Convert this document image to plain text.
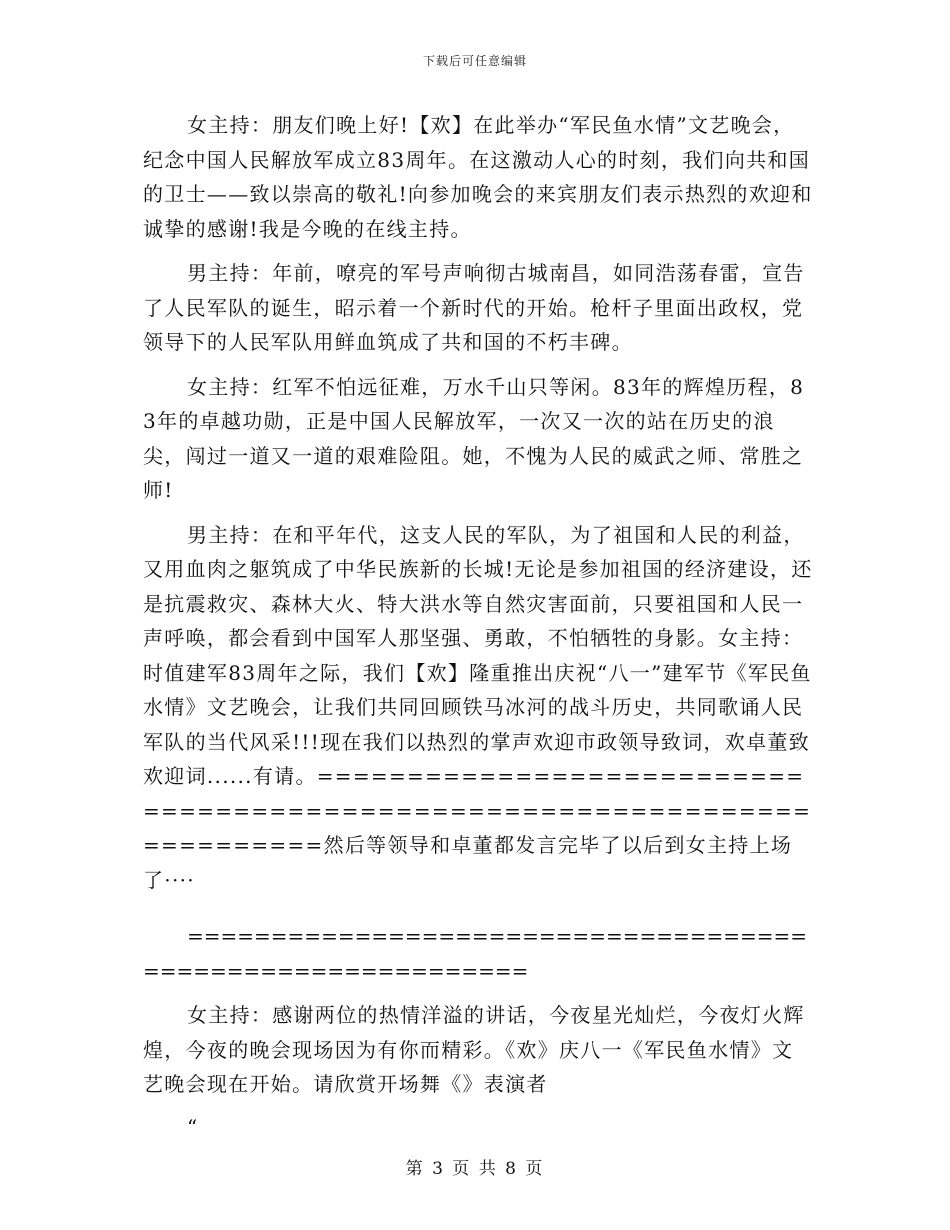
下载后可任意编辑

女主持：朋友们晚上好!【欢】在此举办“军民鱼水情”文艺晚会，纪念中国人民解放军成立83周年。在这激动人心的时刻，我们向共和国的卫士——致以崇高的敬礼!向参加晚会的来宾朋友们表示热烈的欢迎和诚挚的感谢!我是今晚的在线主持。

男主持：年前，嘹亮的军号声响彻古城南昌，如同浩荡春雷，宣告了人民军队的诞生，昭示着一个新时代的开始。枪杆子里面出政权，党领导下的人民军队用鲜血筑成了共和国的不朽丰碑。

女主持：红军不怕远征难，万水千山只等闲。83年的辉煌历程，83年的卓越功勋，正是中国人民解放军，一次又一次的站在历史的浪尖，闯过一道又一道的艰难险阻。她，不愧为人民的威武之师、常胜之师!

男主持：在和平年代，这支人民的军队，为了祖国和人民的利益，又用血肉之躯筑成了中华民族新的长城!无论是参加祖国的经济建设，还是抗震救灾、森林大火、特大洪水等自然灾害面前，只要祖国和人民一声呼唤，都会看到中国军人那坚强、勇敢，不怕牺牲的身影。女主持：时值建军83周年之际，我们【欢】隆重推出庆祝“八一”建军节《军民鱼水情》文艺晚会，让我们共同回顾铁马冰河的战斗历史，共同歌诵人民军队的当代风采!!!现在我们以热烈的掌声欢迎市政领导致词，欢卓董致欢迎词......有请。==========================================================================然后等领导和卓董都发言完毕了以后到女主持上场了····

============================================================

女主持：感谢两位的热情洋溢的讲话，今夜星光灿烂，今夜灯火辉煌，今夜的晚会现场因为有你而精彩。《欢》庆八一《军民鱼水情》文艺晚会现在开始。请欣赏开场舞《》表演者

“

第 3 页 共 8 页
